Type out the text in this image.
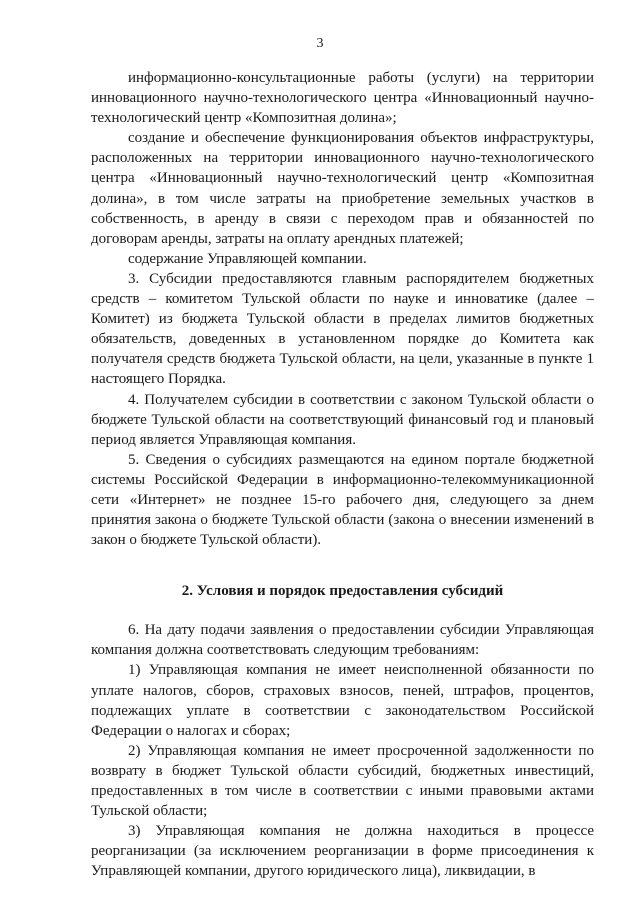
3

информационно-консультационные работы (услуги) на территории инновационного научно-технологического центра «Инновационный научно-технологический центр «Композитная долина»;

создание и обеспечение функционирования объектов инфраструктуры, расположенных на территории инновационного научно-технологического центра «Инновационный научно-технологический центр «Композитная долина», в том числе затраты на приобретение земельных участков в собственность, в аренду в связи с переходом прав и обязанностей по договорам аренды, затраты на оплату арендных платежей;

содержание Управляющей компании.

3. Субсидии предоставляются главным распорядителем бюджетных средств – комитетом Тульской области по науке и инноватике (далее – Комитет) из бюджета Тульской области в пределах лимитов бюджетных обязательств, доведенных в установленном порядке до Комитета как получателя средств бюджета Тульской области, на цели, указанные в пункте 1 настоящего Порядка.

4. Получателем субсидии в соответствии с законом Тульской области о бюджете Тульской области на соответствующий финансовый год и плановый период является Управляющая компания.

5. Сведения о субсидиях размещаются на едином портале бюджетной системы Российской Федерации в информационно-телекоммуникационной сети «Интернет» не позднее 15-го рабочего дня, следующего за днем принятия закона о бюджете Тульской области (закона о внесении изменений в закон о бюджете Тульской области).

2. Условия и порядок предоставления субсидий

6. На дату подачи заявления о предоставлении субсидии Управляющая компания должна соответствовать следующим требованиям:

1) Управляющая компания не имеет неисполненной обязанности по уплате налогов, сборов, страховых взносов, пеней, штрафов, процентов, подлежащих уплате в соответствии с законодательством Российской Федерации о налогах и сборах;

2) Управляющая компания не имеет просроченной задолженности по возврату в бюджет Тульской области субсидий, бюджетных инвестиций, предоставленных в том числе в соответствии с иными правовыми актами Тульской области;

3) Управляющая компания не должна находиться в процессе реорганизации (за исключением реорганизации в форме присоединения к Управляющей компании, другого юридического лица), ликвидации, в
